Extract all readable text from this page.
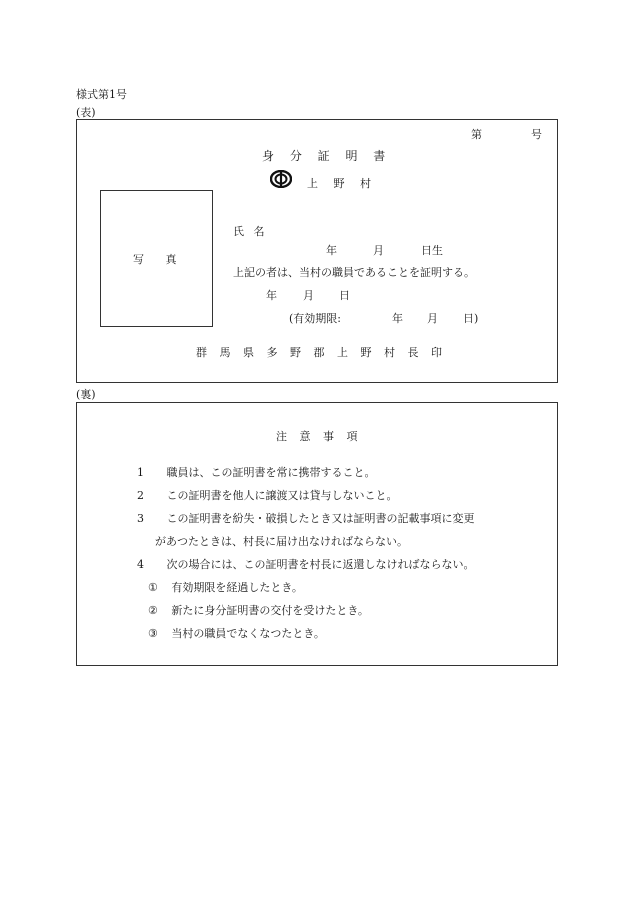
様式第1号
(表)
第	号
身 分 証 明 書
上 野 村
写 真
氏 名
年	月	日生
上記の者は、当村の職員であることを証明する。
年 月 日
(有効期限:	年 月 日)
群 馬 県 多 野 郡 上 野 村 長 印
(裏)
注 意 事 項
1 職員は、この証明書を常に携帯すること。
2 この証明書を他人に譲渡又は貸与しないこと。
3 この証明書を紛失・破損したとき又は証明書の記載事項に変更
があつたときは、村長に届け出なければならない。
4 次の場合には、この証明書を村長に返還しなければならない。
① 有効期限を経過したとき。
② 新たに身分証明書の交付を受けたとき。
③ 当村の職員でなくなつたとき。
